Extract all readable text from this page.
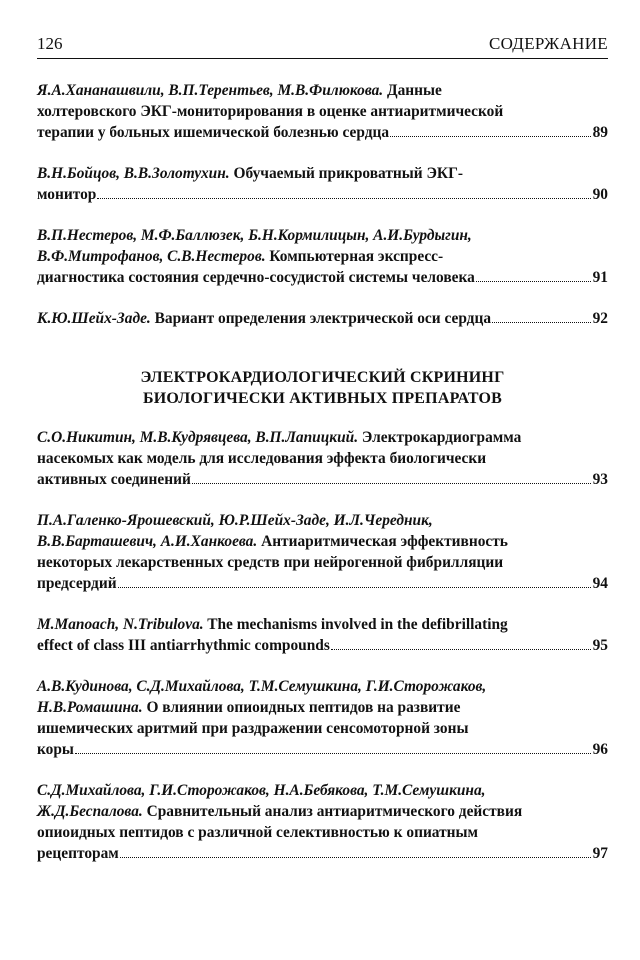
126	СОДЕРЖАНИЕ
Я.А.Хананашвили, В.П.Терентьев, М.В.Филюкова. Данные
холтеровского ЭКГ-мониторирования в оценке антиаритмической
терапии у больных ишемической болезнью сердца	89
В.Н.Бойцов, В.В.Золотухин. Обучаемый прикроватный ЭКГ-
монитор	90
В.П.Нестеров, М.Ф.Баллюзек, Б.Н.Кормилицын, А.И.Бурдыгин,
В.Ф.Митрофанов, С.В.Нестеров. Компьютерная экспресс-
диагностика состояния сердечно-сосудистой системы человека	91
К.Ю.Шейх-Заде.
Вариант определения электрической оси сердца	92
ЭЛЕКТРОКАРДИОЛОГИЧЕСКИЙ СКРИНИНГ
БИОЛОГИЧЕСКИ АКТИВНЫХ ПРЕПАРАТОВ
С.О.Никитин, М.В.Кудрявцева, В.П.Лапицкий. Электрокардиограмма
насекомых как модель для исследования эффекта биологически
активных соединений	93
П.А.Галенко-Ярошевский, Ю.Р.Шейх-Заде, И.Л.Чередник,
В.В.Барташевич, А.И.Ханкоева. Антиаритмическая эффективность
некоторых лекарственных средств при нейрогенной фибрилляции
предсердий	94
M.Manoach, N.Tribulova. The mechanisms involved in the defibrillating
effect of class III antiarrhythmic compounds	95
А.В.Кудинова, С.Д.Михайлова, Т.М.Семушкина, Г.И.Сторожаков,
Н.В.Ромашина. О влиянии опиоидных пептидов на развитие
ишемических аритмий при раздражении сенсомоторной зоны
коры	96
С.Д.Михайлова, Г.И.Сторожаков, Н.А.Бебякова, Т.М.Семушкина,
Ж.Д.Беспалова. Сравнительный анализ антиаритмического действия
опиоидных пептидов с различной селективностью к опиатным
рецепторам	97
